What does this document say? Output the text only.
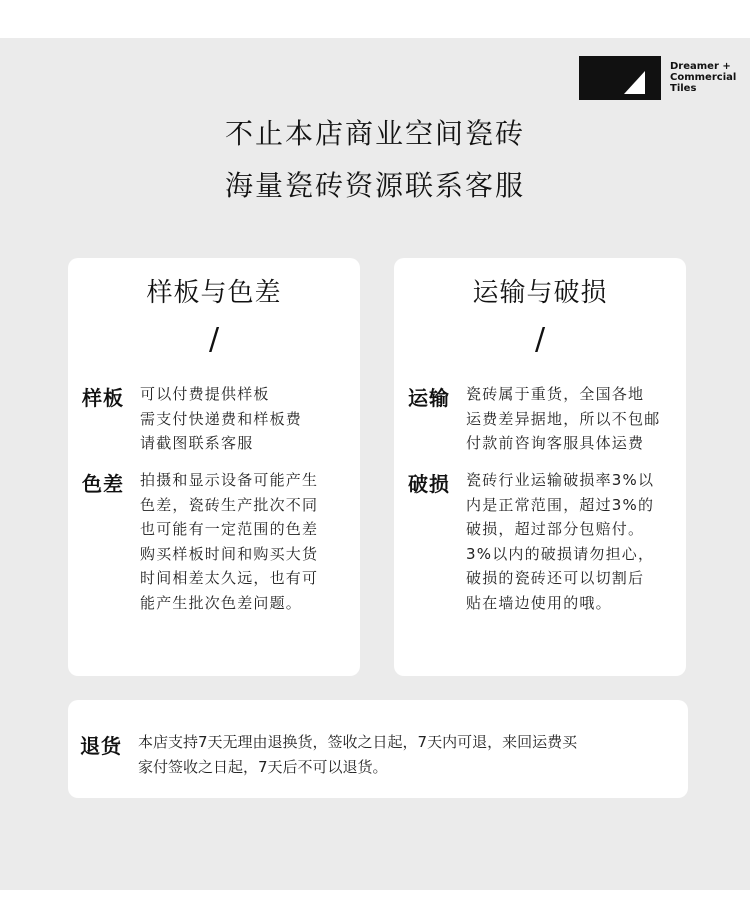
Dreamer +
Commercial
Tiles
不止本店商业空间瓷砖
海量瓷砖资源联系客服
样板与色差
/
样板 可以付费提供样板
需支付快递费和样板费
请截图联系客服
色差 拍摄和显示设备可能产生
色差，瓷砖生产批次不同
也可能有一定范围的色差
购买样板时间和购买大货
时间相差太久远，也有可
能产生批次色差问题。
运输与破损
/
运输 瓷砖属于重货，全国各地
运费差异据地，所以不包邮
付款前咨询客服具体运费
破损 瓷砖行业运输破损率3%以
内是正常范围，超过3%的
破损，超过部分包赔付。
3%以内的破损请勿担心，
破损的瓷砖还可以切割后
贴在墙边使用的哦。
退货 本店支持7天无理由退换货，签收之日起，7天内可退，来回运费买
家付签收之日起，7天后不可以退货。
